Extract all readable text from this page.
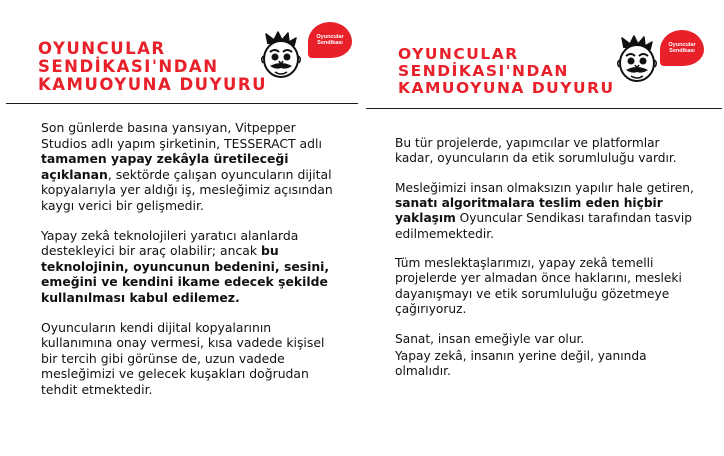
OYUNCULAR
SENDİKASI'NDAN
KAMUOYUNA DUYURU
Oyuncular
Sendikası

Son günlerde basına yansıyan, Vitpepper Studios adlı yapım şirketinin, TESSERACT adlı tamamen yapay zekâyla üretileceği açıklanan, sektörde çalışan oyuncuların dijital kopyalarıyla yer aldığı iş, mesleğimiz açısından kaygı verici bir gelişmedir.

Yapay zekâ teknolojileri yaratıcı alanlarda destekleyici bir araç olabilir; ancak bu teknolojinin, oyuncunun bedenini, sesini, emeğini ve kendini ikame edecek şekilde kullanılması kabul edilemez.

Oyuncuların kendi dijital kopyalarının kullanımına onay vermesi, kısa vadede kişisel bir tercih gibi görünse de, uzun vadede mesleğimizi ve gelecek kuşakları doğrudan tehdit etmektedir.

OYUNCULAR
SENDİKASI'NDAN
KAMUOYUNA DUYURU
Oyuncular
Sendikası

Bu tür projelerde, yapımcılar ve platformlar kadar, oyuncuların da etik sorumluluğu vardır.

Mesleğimizi insan olmaksızın yapılır hale getiren, sanatı algoritmalara teslim eden hiçbir yaklaşım Oyuncular Sendikası tarafından tasvip edilmemektedir.

Tüm meslektaşlarımızı, yapay zekâ temelli projelerde yer almadan önce haklarını, mesleki dayanışmayı ve etik sorumluluğu gözetmeye çağırıyoruz.

Sanat, insan emeğiyle var olur.

Yapay zekâ, insanın yerine değil, yanında olmalıdır.
